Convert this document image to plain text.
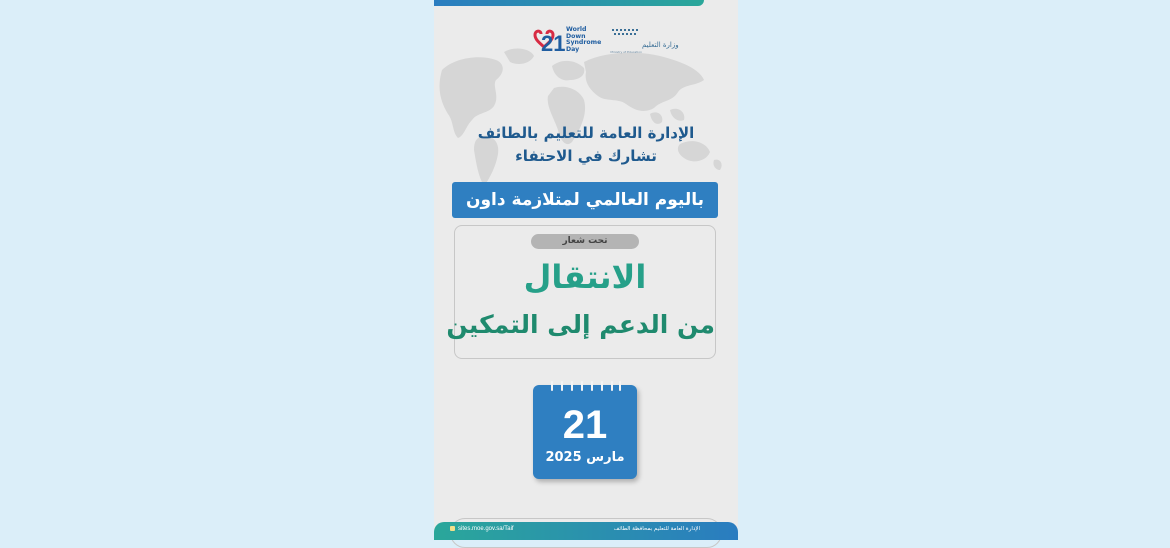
21
World
Down
Syndrome
Day	وزارة التعليم
Ministry of Education
الإدارة العامة للتعليم بالطائف
تشارك في الاحتفاء
باليوم العالمي لمتلازمة داون
تحت شعار
الانتقال
من الدعم إلى التمكين
21
مارس 2025
sites.moe.gov.sa/Taif	الإدارة العامة للتعليم بمحافظة الطائف
